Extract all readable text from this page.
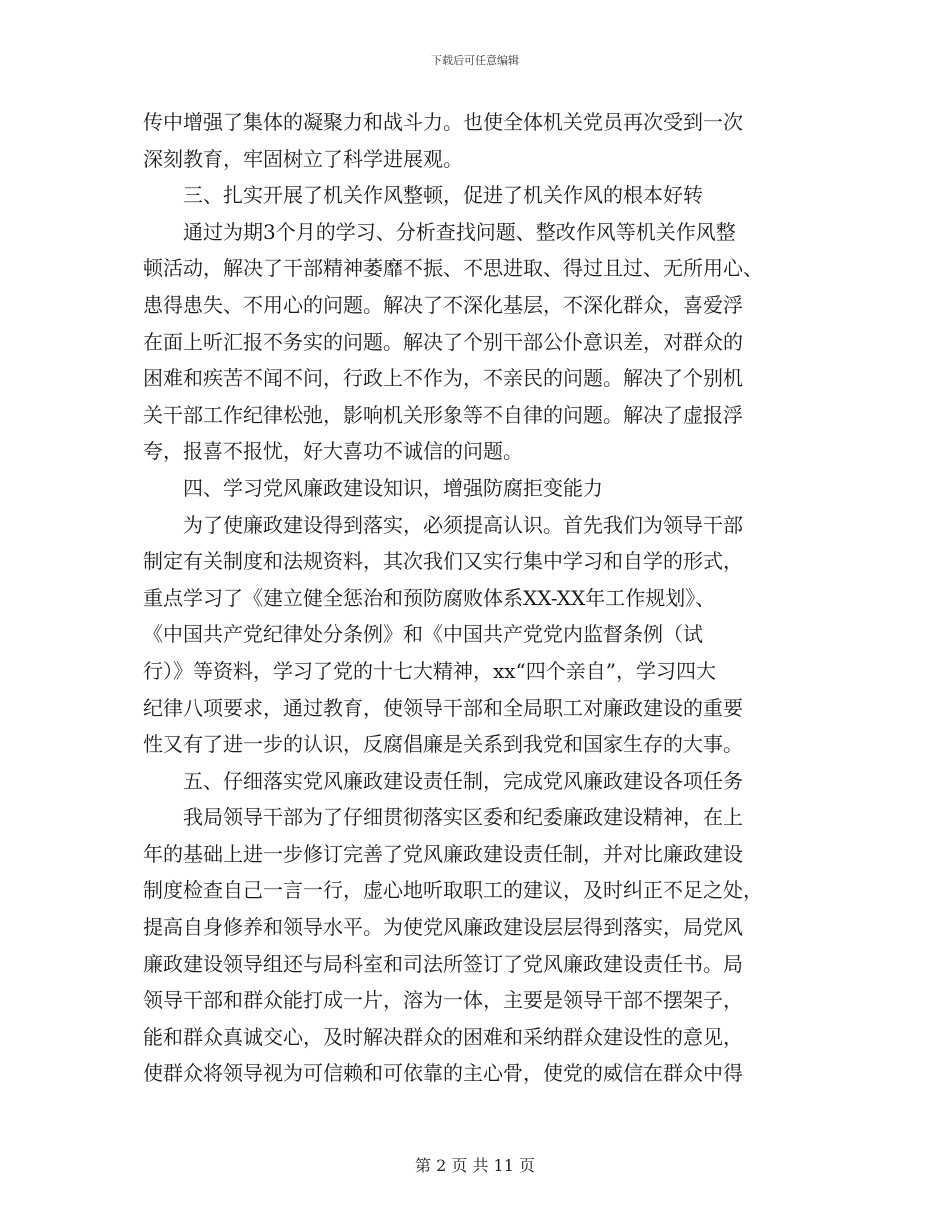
下载后可任意编辑
传中增强了集体的凝聚力和战斗力。也使全体机关党员再次受到一次
深刻教育，牢固树立了科学进展观。
　　三、扎实开展了机关作风整顿，促进了机关作风的根本好转
　　通过为期3个月的学习、分析查找问题、整改作风等机关作风整
顿活动，解决了干部精神萎靡不振、不思进取、得过且过、无所用心、
患得患失、不用心的问题。解决了不深化基层，不深化群众，喜爱浮
在面上听汇报不务实的问题。解决了个别干部公仆意识差，对群众的
困难和疾苦不闻不问，行政上不作为，不亲民的问题。解决了个别机
关干部工作纪律松弛，影响机关形象等不自律的问题。解决了虚报浮
夸，报喜不报忧，好大喜功不诚信的问题。
　　四、学习党风廉政建设知识，增强防腐拒变能力
　　为了使廉政建设得到落实，必须提高认识。首先我们为领导干部
制定有关制度和法规资料，其次我们又实行集中学习和自学的形式，
重点学习了《建立健全惩治和预防腐败体系XX-XX年工作规划》、
《中国共产党纪律处分条例》和《中国共产党党内监督条例（试
行）》等资料，学习了党的十七大精神，xx“四个亲自”，学习四大
纪律八项要求，通过教育，使领导干部和全局职工对廉政建设的重要
性又有了进一步的认识，反腐倡廉是关系到我党和国家生存的大事。
　　五、仔细落实党风廉政建设责任制，完成党风廉政建设各项任务
　　我局领导干部为了仔细贯彻落实区委和纪委廉政建设精神，在上
年的基础上进一步修订完善了党风廉政建设责任制，并对比廉政建设
制度检查自己一言一行，虚心地听取职工的建议，及时纠正不足之处，
提高自身修养和领导水平。为使党风廉政建设层层得到落实，局党风
廉政建设领导组还与局科室和司法所签订了党风廉政建设责任书。局
领导干部和群众能打成一片，溶为一体，主要是领导干部不摆架子，
能和群众真诚交心，及时解决群众的困难和采纳群众建设性的意见，
使群众将领导视为可信赖和可依靠的主心骨，使党的威信在群众中得
第 2 页 共 11 页
